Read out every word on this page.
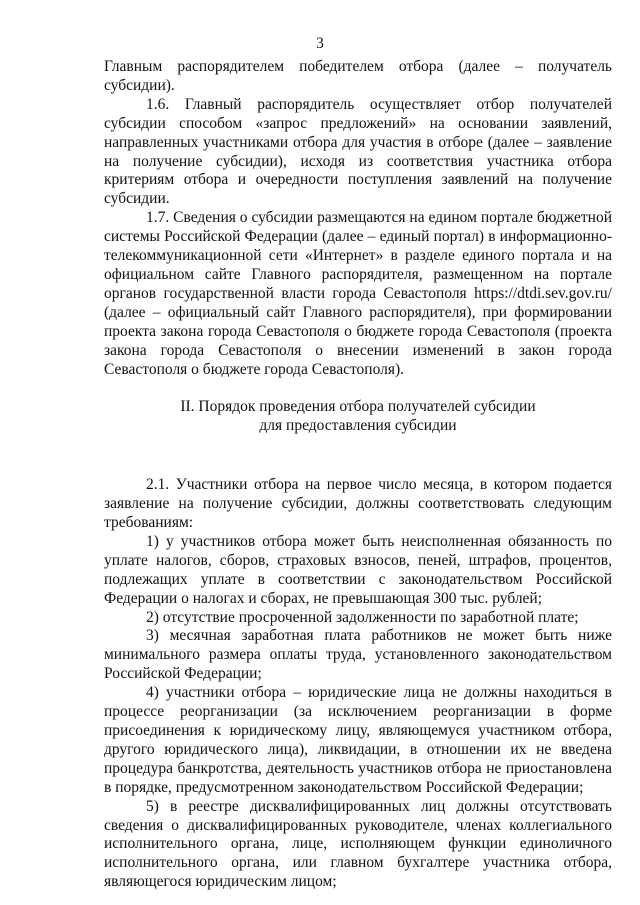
3

Главным распорядителем победителем отбора (далее – получатель субсидии).

1.6. Главный распорядитель осуществляет отбор получателей субсидии способом «запрос предложений» на основании заявлений, направленных участниками отбора для участия в отборе (далее – заявление на получение субсидии), исходя из соответствия участника отбора критериям отбора и очередности поступления заявлений на получение субсидии.

1.7. Сведения о субсидии размещаются на едином портале бюджетной системы Российской Федерации (далее – единый портал) в информационно-телекоммуникационной сети «Интернет» в разделе единого портала и на официальном сайте Главного распорядителя, размещенном на портале органов государственной власти города Севастополя https://dtdi.sev.gov.ru/ (далее – официальный сайт Главного распорядителя), при формировании проекта закона города Севастополя о бюджете города Севастополя (проекта закона города Севастополя о внесении изменений в закон города Севастополя о бюджете города Севастополя).

II. Порядок проведения отбора получателей субсидии

для предоставления субсидии

2.1. Участники отбора на первое число месяца, в котором подается заявление на получение субсидии, должны соответствовать следующим требованиям:

1) у участников отбора может быть неисполненная обязанность по уплате налогов, сборов, страховых взносов, пеней, штрафов, процентов, подлежащих уплате в соответствии с законодательством Российской Федерации о налогах и сборах, не превышающая 300 тыс. рублей;

2) отсутствие просроченной задолженности по заработной плате;

3) месячная заработная плата работников не может быть ниже минимального размера оплаты труда, установленного законодательством Российской Федерации;

4) участники отбора – юридические лица не должны находиться в процессе реорганизации (за исключением реорганизации в форме присоединения к юридическому лицу, являющемуся участником отбора, другого юридического лица), ликвидации, в отношении их не введена процедура банкротства, деятельность участников отбора не приостановлена в порядке, предусмотренном законодательством Российской Федерации;

5) в реестре дисквалифицированных лиц должны отсутствовать сведения о дисквалифицированных руководителе, членах коллегиального исполнительного органа, лице, исполняющем функции единоличного исполнительного органа, или главном бухгалтере участника отбора, являющегося юридическим лицом;
